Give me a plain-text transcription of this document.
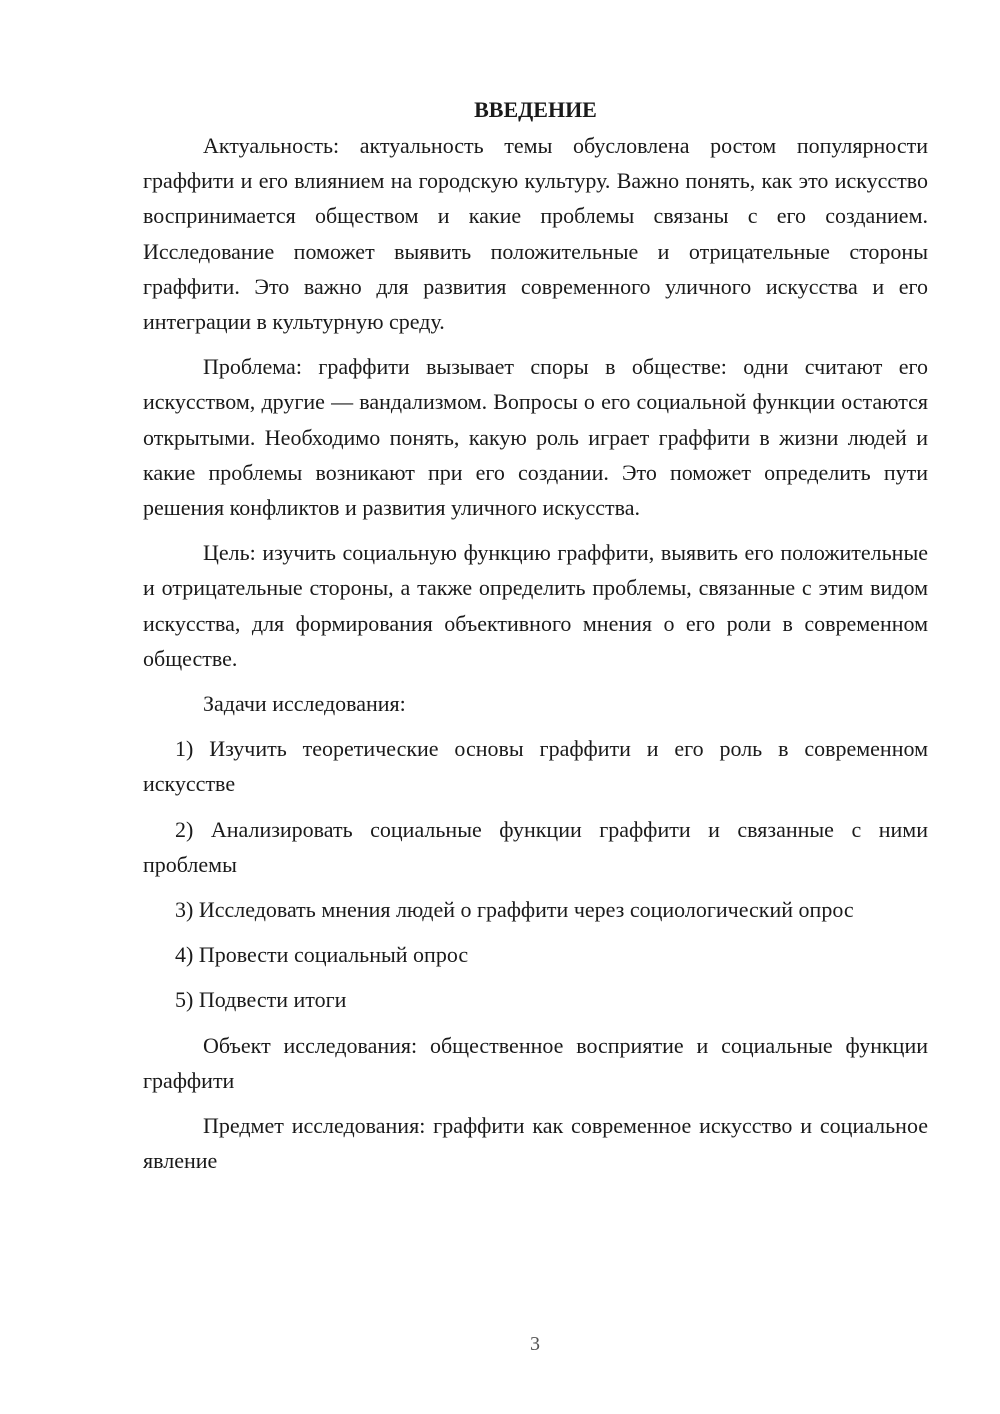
ВВЕДЕНИЕ

Актуальность: актуальность темы обусловлена ростом популярности граффити и его влиянием на городскую культуру. Важно понять, как это искусство воспринимается обществом и какие проблемы связаны с его созданием. Исследование поможет выявить положительные и отрицательные стороны граффити. Это важно для развития современного уличного искусства и его интеграции в культурную среду.

Проблема: граффити вызывает споры в обществе: одни считают его искусством, другие — вандализмом. Вопросы о его социальной функции остаются открытыми. Необходимо понять, какую роль играет граффити в жизни людей и какие проблемы возникают при его создании. Это поможет определить пути решения конфликтов и развития уличного искусства.

Цель: изучить социальную функцию граффити, выявить его положительные и отрицательные стороны, а также определить проблемы, связанные с этим видом искусства, для формирования объективного мнения о его роли в современном обществе.

Задачи исследования:

1) Изучить теоретические основы граффити и его роль в современном искусстве

2) Анализировать социальные функции граффити и связанные с ними проблемы

3) Исследовать мнения людей о граффити через социологический опрос

4) Провести социальный опрос

5) Подвести итоги

Объект исследования: общественное восприятие и социальные функции граффити

Предмет исследования: граффити как современное искусство и социальное явление

3
